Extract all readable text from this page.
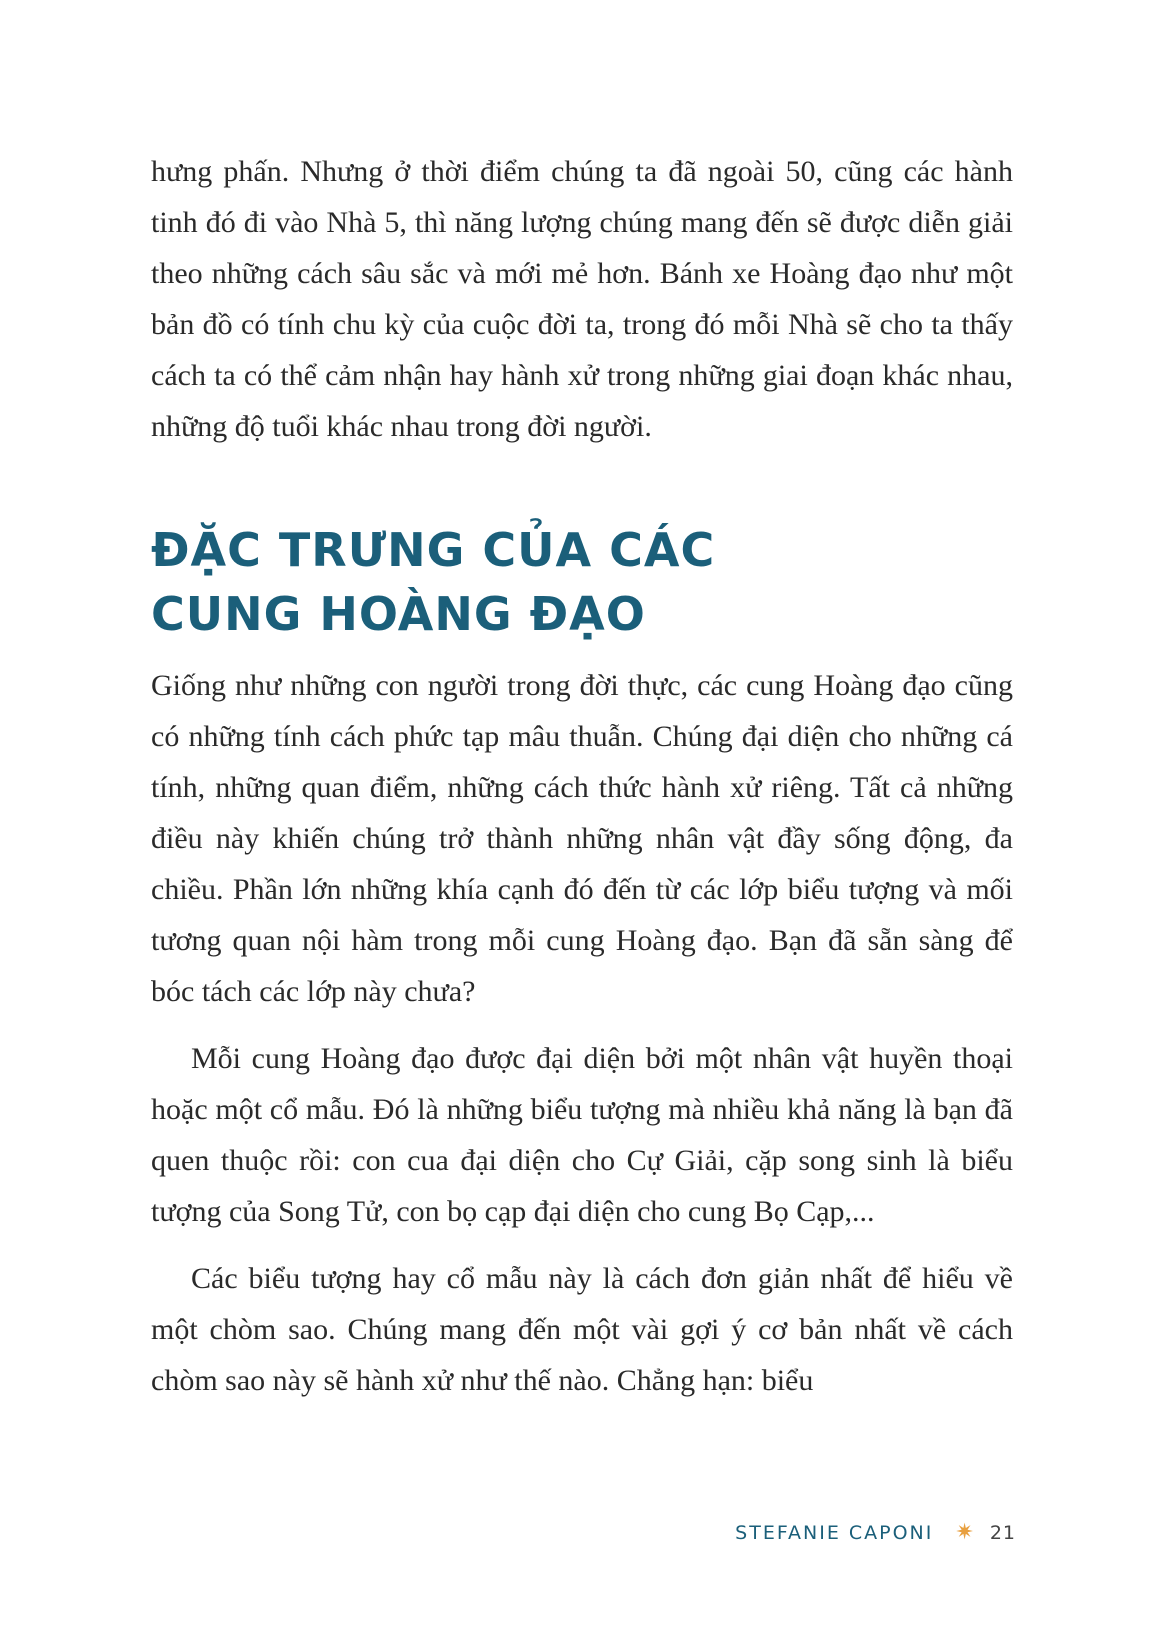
hưng phấn. Nhưng ở thời điểm chúng ta đã ngoài 50, cũng các hành tinh đó đi vào Nhà 5, thì năng lượng chúng mang đến sẽ được diễn giải theo những cách sâu sắc và mới mẻ hơn. Bánh xe Hoàng đạo như một bản đồ có tính chu kỳ của cuộc đời ta, trong đó mỗi Nhà sẽ cho ta thấy cách ta có thể cảm nhận hay hành xử trong những giai đoạn khác nhau, những độ tuổi khác nhau trong đời người.

ĐẶC TRƯNG CỦA CÁC CUNG HOÀNG ĐẠO

Giống như những con người trong đời thực, các cung Hoàng đạo cũng có những tính cách phức tạp mâu thuẫn. Chúng đại diện cho những cá tính, những quan điểm, những cách thức hành xử riêng. Tất cả những điều này khiến chúng trở thành những nhân vật đầy sống động, đa chiều. Phần lớn những khía cạnh đó đến từ các lớp biểu tượng và mối tương quan nội hàm trong mỗi cung Hoàng đạo. Bạn đã sẵn sàng để bóc tách các lớp này chưa?

Mỗi cung Hoàng đạo được đại diện bởi một nhân vật huyền thoại hoặc một cổ mẫu. Đó là những biểu tượng mà nhiều khả năng là bạn đã quen thuộc rồi: con cua đại diện cho Cự Giải, cặp song sinh là biểu tượng của Song Tử, con bọ cạp đại diện cho cung Bọ Cạp,...

Các biểu tượng hay cổ mẫu này là cách đơn giản nhất để hiểu về một chòm sao. Chúng mang đến một vài gợi ý cơ bản nhất về cách chòm sao này sẽ hành xử như thế nào. Chẳng hạn: biểu

STEFANIE CAPONI ✷ 21
